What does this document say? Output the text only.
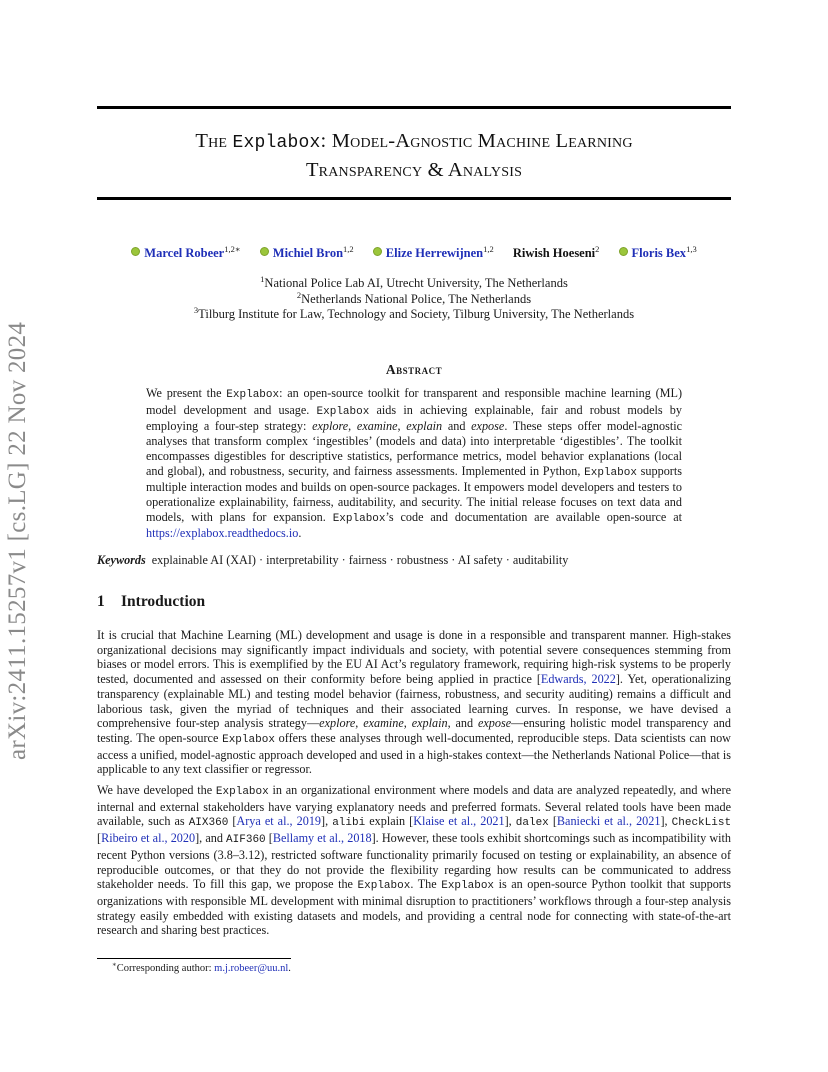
arXiv:2411.15257v1 [cs.LG] 22 Nov 2024
The Explabox: Model-Agnostic Machine Learning
Transparency & Analysis
Marcel Robeer$^{1,2∗}$	Michiel Bron$^{1,2}$	Elize Herrewijnen$^{1,2}$ Riwish Hoeseni$^2$	Floris Bex$^{1,3}$
$^1$National Police Lab AI, Utrecht University, The Netherlands
$^2$Netherlands National Police, The Netherlands
$^3$Tilburg Institute for Law, Technology and Society, Tilburg University, The Netherlands
Abstract
We present the Explabox: an open-source toolkit for transparent and responsible machine learning (ML) model development and usage. Explabox aids in achieving explainable, fair and robust models by employing a four-step strategy: explore, examine, explain and expose. These steps offer model-agnostic analyses that transform complex ‘ingestibles’ (models and data) into interpretable ‘digestibles’. The toolkit encompasses digestibles for descriptive statistics, performance metrics, model behavior explanations (local and global), and robustness, security, and fairness assessments. Implemented in Python, Explabox supports multiple interaction modes and builds on open-source packages. It empowers model developers and testers to operationalize explainability, fairness, auditability, and security. The initial release focuses on text data and models, with plans for expansion. Explabox’s code and documentation are available open-source at https://explabox.readthedocs.io.
Keywords explainable AI (XAI) · interpretability · fairness · robustness · AI safety · auditability
1 Introduction
It is crucial that Machine Learning (ML) development and usage is done in a responsible and transparent manner. High-stakes organizational decisions may significantly impact individuals and society, with potential severe consequences stemming from biases or model errors. This is exemplified by the EU AI Act’s regulatory framework, requiring high-risk systems to be properly tested, documented and assessed on their conformity before being applied in practice [Edwards, 2022]. Yet, operationalizing transparency (explainable ML) and testing model behavior (fairness, robustness, and security auditing) remains a difficult and laborious task, given the myriad of techniques and their associated learning curves. In response, we have devised a comprehensive four-step analysis strategy—explore, examine, explain, and expose—ensuring holistic model transparency and testing. The open-source Explabox offers these analyses through well-documented, reproducible steps. Data scientists can now access a unified, model-agnostic approach developed and used in a high-stakes context—the Netherlands National Police—that is applicable to any text classifier or regressor.
We have developed the Explabox in an organizational environment where models and data are analyzed repeatedly, and where internal and external stakeholders have varying explanatory needs and preferred formats. Several related tools have been made available, such as AIX360 [Arya et al., 2019], alibi explain [Klaise et al., 2021], dalex [Baniecki et al., 2021], CheckList [Ribeiro et al., 2020], and AIF360 [Bellamy et al., 2018]. However, these tools exhibit shortcomings such as incompatibility with recent Python versions (3.8–3.12), restricted software functionality primarily focused on testing or explainability, an absence of reproducible outcomes, or that they do not provide the flexibility regarding how results can be communicated to address stakeholder needs. To fill this gap, we propose the Explabox. The Explabox is an open-source Python toolkit that supports organizations with responsible ML development with minimal disruption to practitioners’ workflows through a four-step analysis strategy easily embedded with existing datasets and models, and providing a central node for connecting with state-of-the-art research and sharing best practices.
∗Corresponding author: m.j.robeer@uu.nl.
